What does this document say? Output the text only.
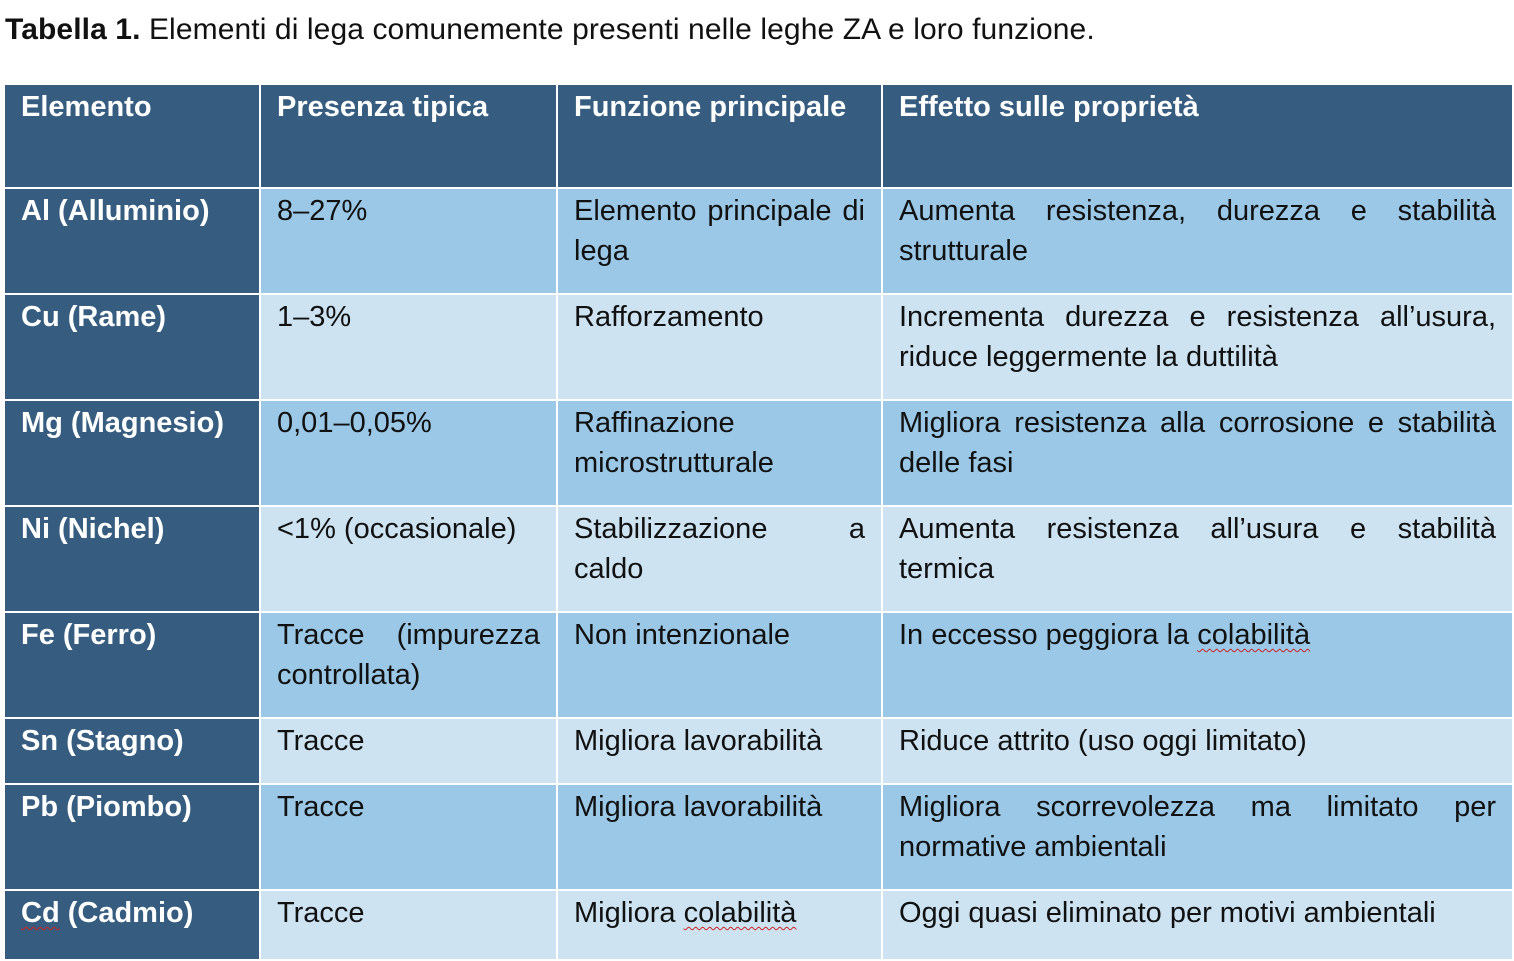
Tabella 1. Elementi di lega comunemente presenti nelle leghe ZA e loro funzione.
Elemento	Presenza tipica	Funzione principale	Effetto sulle proprietà
Al (Alluminio)	8–27%	Elemento principale di lega	Aumenta resistenza, durezza e stabilità strutturale
Cu (Rame)	1–3%	Rafforzamento	Incrementa durezza e resistenza all’usura, riduce leggermente la duttilità
Mg (Magnesio)	0,01–0,05%	Raffinazione microstrutturale	Migliora resistenza alla corrosione e stabilità delle fasi
Ni (Nichel)	<1% (occasionale)	Stabilizzazione a caldo	Aumenta resistenza all’usura e stabilità termica
Fe (Ferro)	Tracce (impurezza controllata)	Non intenzionale	In eccesso peggiora la colabilità
Sn (Stagno)	Tracce	Migliora lavorabilità	Riduce attrito (uso oggi limitato)
Pb (Piombo)	Tracce	Migliora lavorabilità	Migliora scorrevolezza ma limitato per normative ambientali
Cd (Cadmio)	Tracce	Migliora colabilità	Oggi quasi eliminato per motivi ambientali
